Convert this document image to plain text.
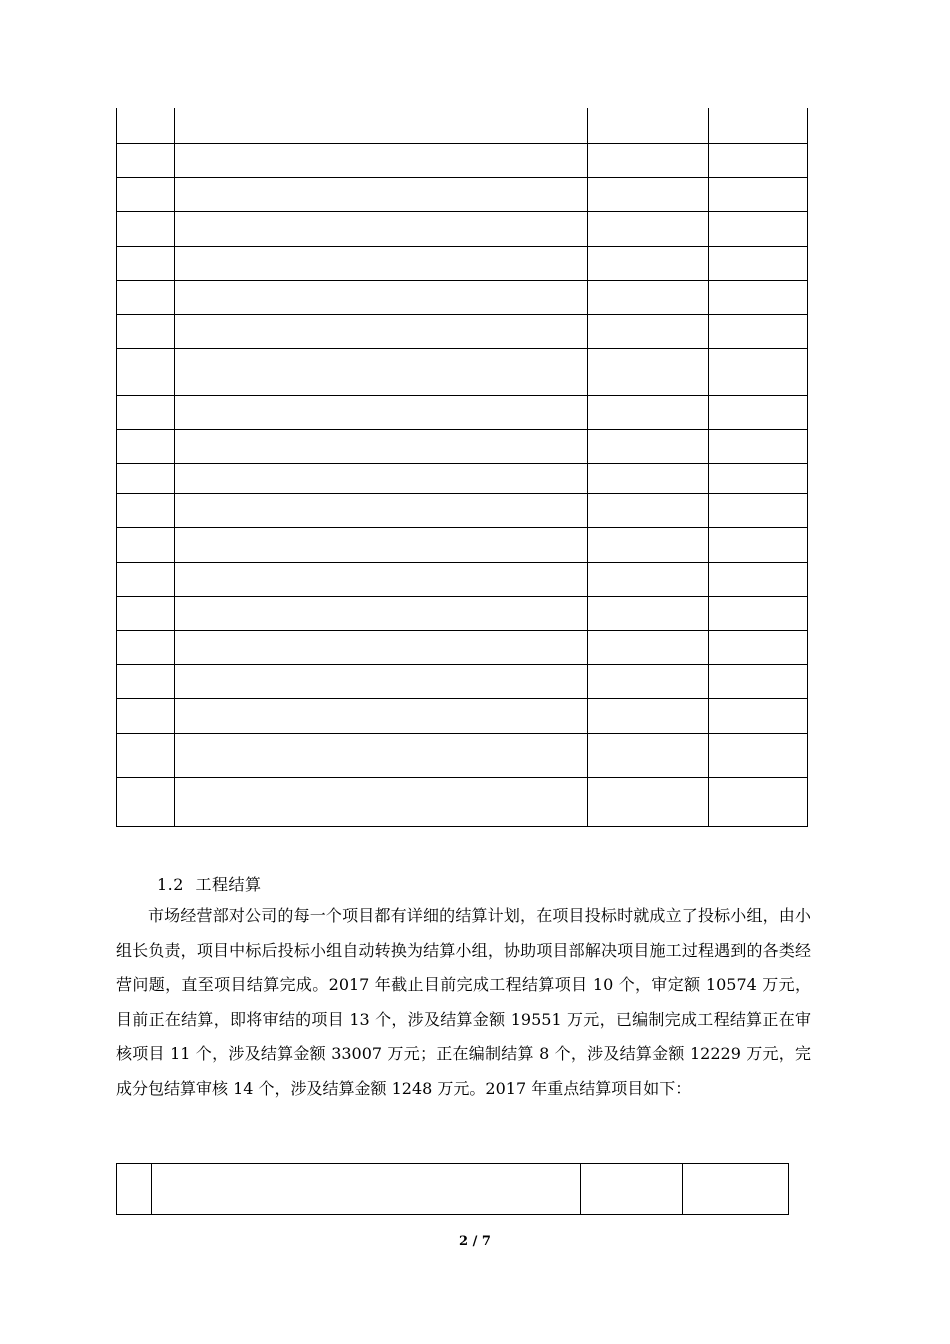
1.2 工程结算

市场经营部对公司的每一个项目都有详细的结算计划，在项目投标时就成立了投标小组，由小组长负责，项目中标后投标小组自动转换为结算小组，协助项目部解决项目施工过程遇到的各类经营问题，直至项目结算完成。2017 年截止目前完成工程结算项目 10 个，审定额 10574 万元，目前正在结算，即将审结的项目 13 个，涉及结算金额 19551 万元，已编制完成工程结算正在审核项目 11 个，涉及结算金额 33007 万元；正在编制结算 8 个，涉及结算金额 12229 万元，完成分包结算审核 14 个，涉及结算金额 1248 万元。2017 年重点结算项目如下：

2 / 7
